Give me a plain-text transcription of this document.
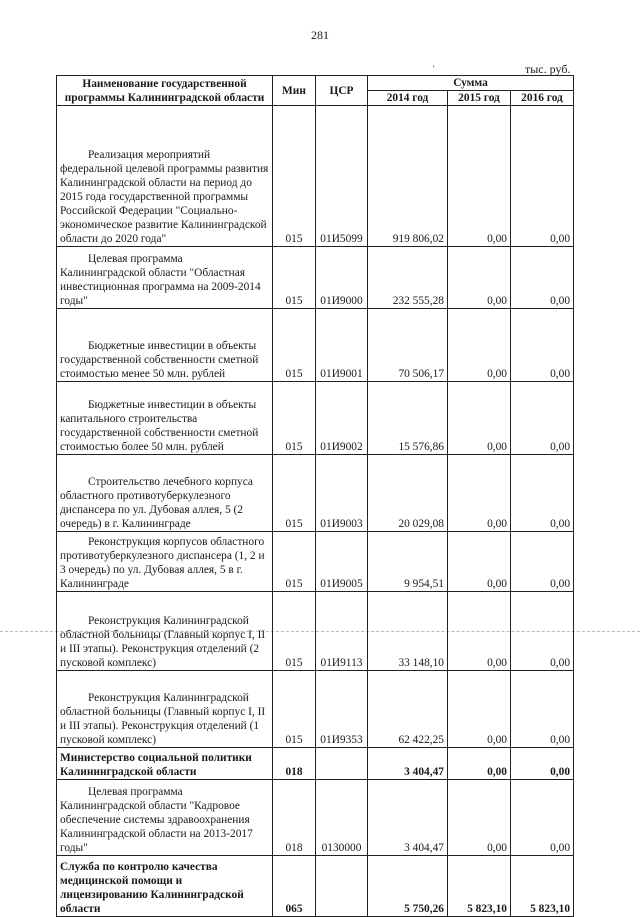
281
'	тыс. руб.
Наименование государственной программы Калининградской области	Мин	ЦСР	Сумма		
			2014 год	2015 год	2016 год
Реализация мероприятий федеральной целевой программы развития Калининградской области на период до 2015 года государственной программы Российской Федерации "Социально-экономическое развитие Калининградской области до 2020 года"	015	01И5099	919 806,02	0,00	0,00
Целевая программа Калининградской области "Областная инвестиционная программа на 2009-2014 годы"	015	01И9000	232 555,28	0,00	0,00
Бюджетные инвестиции в объекты государственной собственности сметной стоимостью менее 50 млн. рублей	015	01И9001	70 506,17	0,00	0,00
Бюджетные инвестиции в объекты капитального строительства государственной собственности сметной стоимостью более 50 млн. рублей	015	01И9002	15 576,86	0,00	0,00
Строительство лечебного корпуса областного противотуберкулезного диспансера по ул. Дубовая аллея, 5 (2 очередь) в г. Калининграде	015	01И9003	20 029,08	0,00	0,00
Реконструкция корпусов областного противотуберкулезного диспансера (1, 2 и 3 очередь) по ул. Дубовая аллея, 5 в г. Калининграде	015	01И9005	9 954,51	0,00	0,00
Реконструкция Калининградской областной больницы (Главный корпус I, II и III этапы). Реконструкция отделений (2 пусковой комплекс)	015	01И9113	33 148,10	0,00	0,00
Реконструкция Калининградской областной больницы (Главный корпус I, II и III этапы). Реконструкция отделений (1 пусковой комплекс)	015	01И9353	62 422,25	0,00	0,00
Министерство социальной политики Калининградской области	018		3 404,47	0,00	0,00
Целевая программа Калининградской области "Кадровое обеспечение системы здравоохранения Калининградской области на 2013-2017 годы"	018	0130000	3 404,47	0,00	0,00
Служба по контролю качества медицинской помощи и лицензированию Калининградской области	065		5 750,26	5 823,10	5 823,10
